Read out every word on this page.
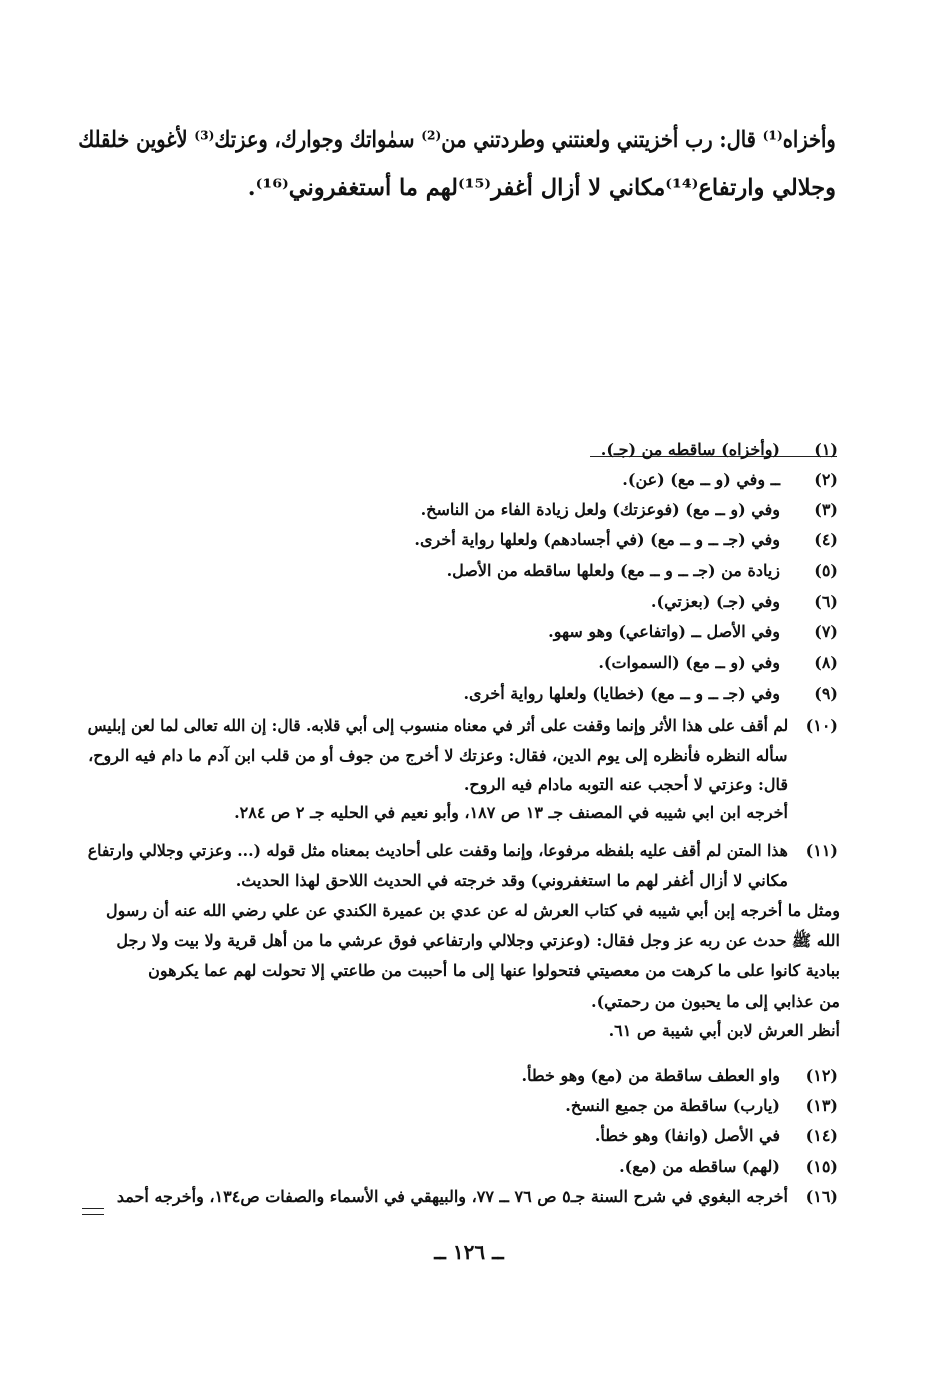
وأخزاه⁽¹⁾ قال: رب أخزيتني ولعنتني وطردتني من⁽²⁾ سمٰواتك وجوارك، وعزتك⁽³⁾ لأغوين خلقلك
وجلالي وارتفاع⁽¹⁴⁾مكاني لا أزال أغفر⁽¹⁵⁾لهم ما أستغفروني⁽¹⁶⁾.
(١)
(وأخزاه) ساقطه من (جـ).
(٢)
ــ وفي (و ــ مع) (عن).
(٣)
وفي (و ــ مع) (فوعزتك) ولعل زيادة الفاء من الناسخ.
(٤)
وفي (جـ ــ و ــ مع) (في أجسادهم) ولعلها رواية أخرى.
(٥)
زيادة من (جـ ــ و ــ مع) ولعلها ساقطه من الأصل.
(٦)
وفي (جـ) (بعزتي).
(٧)
وفي الأصل ــ (واتفاعي) وهو سهو.
(٨)
وفي (و ــ مع) (السموات).
(٩)
وفي (جـ ــ و ــ مع) (خطايا) ولعلها رواية أخرى.
(١٠)
لم أقف على هذا الأثر وإنما وقفت على أثر في معناه منسوب إلى أبي قلابه. قال: إن الله تعالى لما لعن إبليس
سأله النظره فأنظره إلى يوم الدين، فقال: وعزتك لا أخرج من جوف أو من قلب ابن آدم ما دام فيه الروح،
قال: وعزتي لا أحجب عنه التوبه مادام فيه الروح.
أخرجه ابن ابي شيبه في المصنف جـ ١٣ ص ١٨٧، وأبو نعيم في الحليه جـ ٢ ص ٢٨٤.
(١١)
هذا المتن لم أقف عليه بلفظه مرفوعا، وإنما وقفت على أحاديث بمعناه مثل قوله (... وعزتي وجلالي وارتفاع
مكاني لا أزال أغفر لهم ما استغفروني) وقد خرجته في الحديث اللاحق لهذا الحديث.
ومثل ما أخرجه إبن أبي شيبه في كتاب العرش له عن عدي بن عميرة الكندي عن علي رضي الله عنه أن رسول
الله ﷺ حدث عن ربه عز وجل فقال: (وعزتي وجلالي وارتفاعي فوق عرشي ما من أهل قرية ولا بيت ولا رجل
ببادية كانوا على ما كرهت من معصيتي فتحولوا عنها إلى ما أحببت من طاعتي إلا تحولت لهم عما يكرهون
من عذابي إلى ما يحبون من رحمتي).
أنظر العرش لابن أبي شيبة ص ٦١.
(١٢)
واو العطف ساقطة من (مع) وهو خطأ.
(١٣)
(يارب) ساقطة من جميع النسخ.
(١٤)
في الأصل (وانفا) وهو خطأ.
(١٥)
(لهم) ساقطه من (مع).
(١٦)
أخرجه البغوي في شرح السنة جـ٥ ص ٧٦ ــ ٧٧، والبيهقي في الأسماء والصفات ص١٣٤، وأخرجه أحمد
ــ ١٢٦ ــ
